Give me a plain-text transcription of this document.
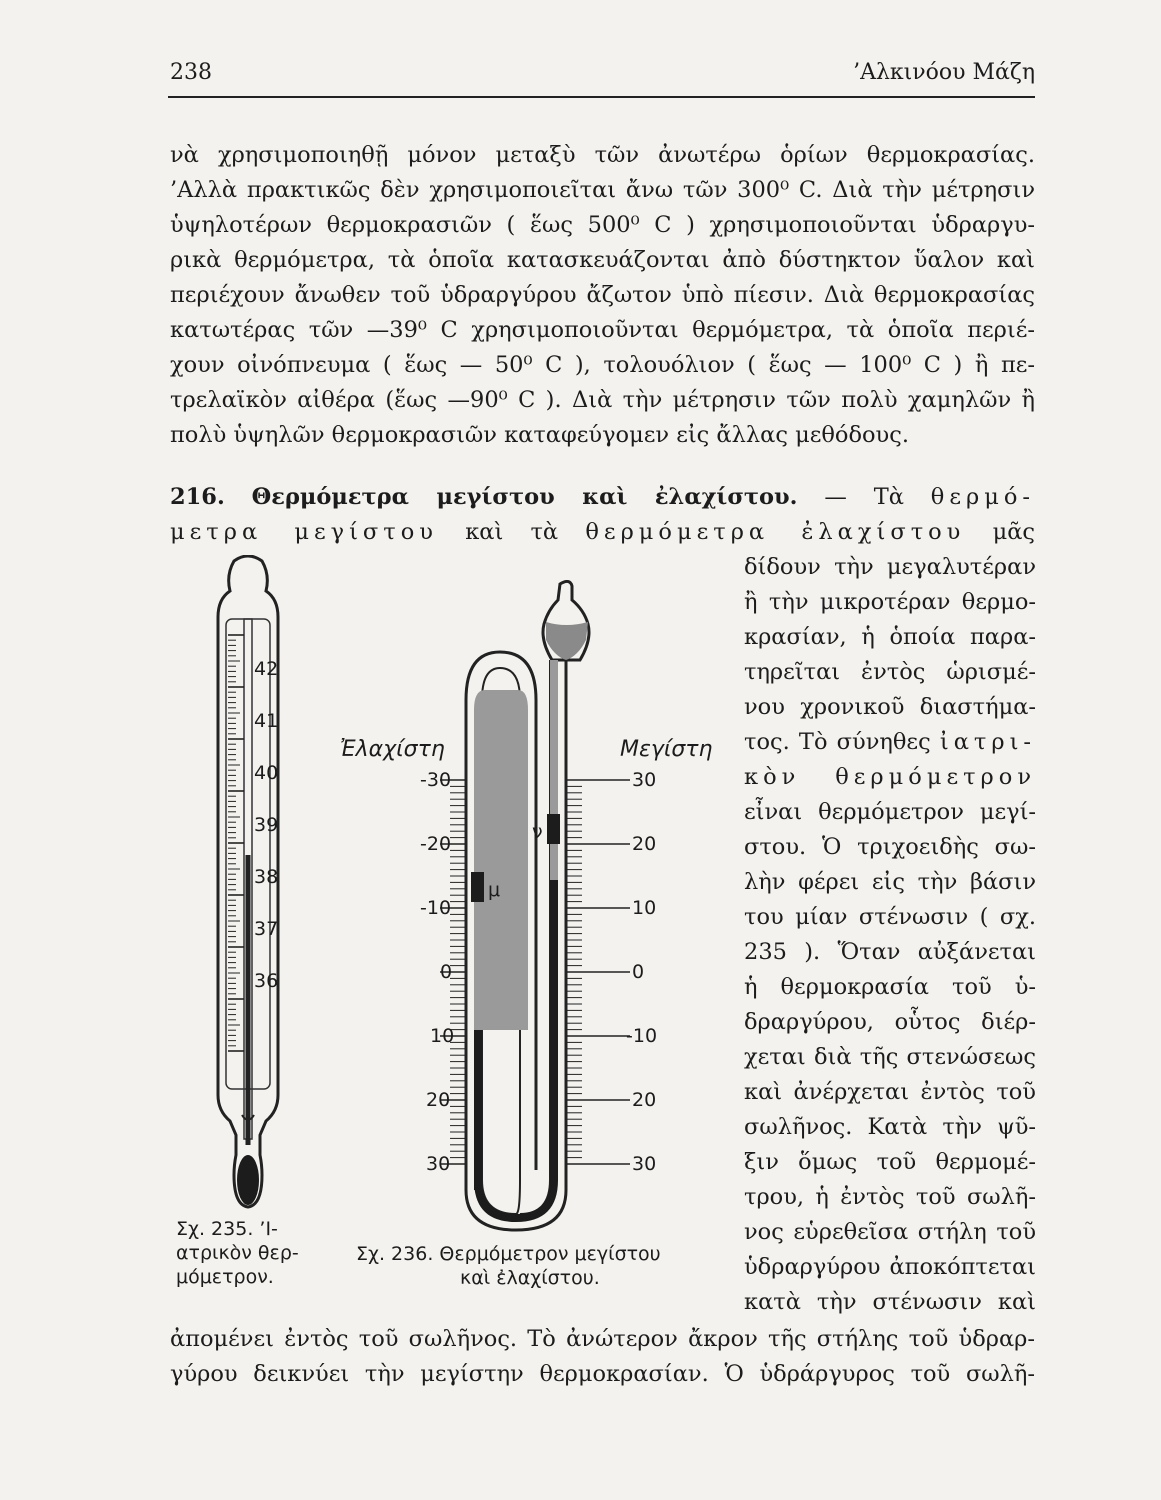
238	’Αλκινόου Μάζη
νὰ χρησιμοποιηθῇ μόνον μεταξὺ τῶν ἀνωτέρω ὁρίων θερμοκρασίας.
’Αλλὰ πρακτικῶς δὲν χρησιμοποιεῖται ἄνω τῶν 300⁰ C. Διὰ τὴν μέτρησιν
ὑψηλοτέρων θερμοκρασιῶν ( ἕως 500⁰ C ) χρησιμοποιοῦνται ὑδραργυ-
ρικὰ θερμόμετρα, τὰ ὁποῖα κατασκευάζονται ἀπὸ δύστηκτον ὕαλον καὶ
περιέχουν ἄνωθεν τοῦ ὑδραργύρου ἄζωτον ὑπὸ πίεσιν. Διὰ θερμοκρασίας
κατωτέρας τῶν —39⁰ C χρησιμοποιοῦνται θερμόμετρα, τὰ ὁποῖα περιέ-
χουν οἰνόπνευμα ( ἕως — 50⁰ C ), τολουόλιον ( ἕως — 100⁰ C ) ἢ πε-
τρελαϊκὸν αἰθέρα (ἕως —90⁰ C ). Διὰ τὴν μέτρησιν τῶν πολὺ χαμηλῶν ἢ
πολὺ ὑψηλῶν θερμοκρασιῶν καταφεύγομεν εἰς ἄλλας μεθόδους.
216. Θερμόμετρα μεγίστου καὶ ἐλαχίστου. — Τὰ θερμό-
μετρα μεγίστου καὶ τὰ θερμόμετρα ἐλαχίστου μᾶς
δίδουν τὴν μεγαλυτέραν
ἢ τὴν μικροτέραν θερμο-
κρασίαν, ἡ ὁποία παρα-
τηρεῖται ἐντὸς ὡρισμέ-
νου χρονικοῦ διαστήμα-
τος. Τὸ σύνηθες ἰατρι-
κὸν θερμόμετρον
εἶναι θερμόμετρον μεγί-
στου. Ὁ τριχοειδὴς σω-
λὴν φέρει εἰς τὴν βάσιν
του μίαν στένωσιν ( σχ.
235 ). Ὅταν αὐξάνεται
ἡ θερμοκρασία τοῦ ὑ-
δραργύρου, οὗτος διέρ-
χεται διὰ τῆς στενώσεως
καὶ ἀνέρχεται ἐντὸς τοῦ
σωλῆνος. Κατὰ τὴν ψῦ-
ξιν ὅμως τοῦ θερμομέ-
τρου, ἡ ἐντὸς τοῦ σωλῆ-
νος εὑρεθεῖσα στήλη τοῦ
ὑδραργύρου ἀποκόπτεται
κατὰ τὴν στένωσιν καὶ
ἀπομένει ἐντὸς τοῦ σωλῆνος. Τὸ ἀνώτερον ἄκρον τῆς στήλης τοῦ ὑδραρ-
γύρου δεικνύει τὴν μεγίστην θερμοκρασίαν. Ὁ ὑδράργυρος τοῦ σωλῆ-
42
41
40
39
38
37
36
Σχ. 235. ’Ι-
ατρικὸν θερ-
μόμετρον.
μ
ν
Ἐλαχίστη	Μεγίστη
-30
-20
-10
0
10
20
30
30
20
10
0
-10
20
30
Σχ. 236. Θερμόμετρον μεγίστου
καὶ ἐλαχίστου.
